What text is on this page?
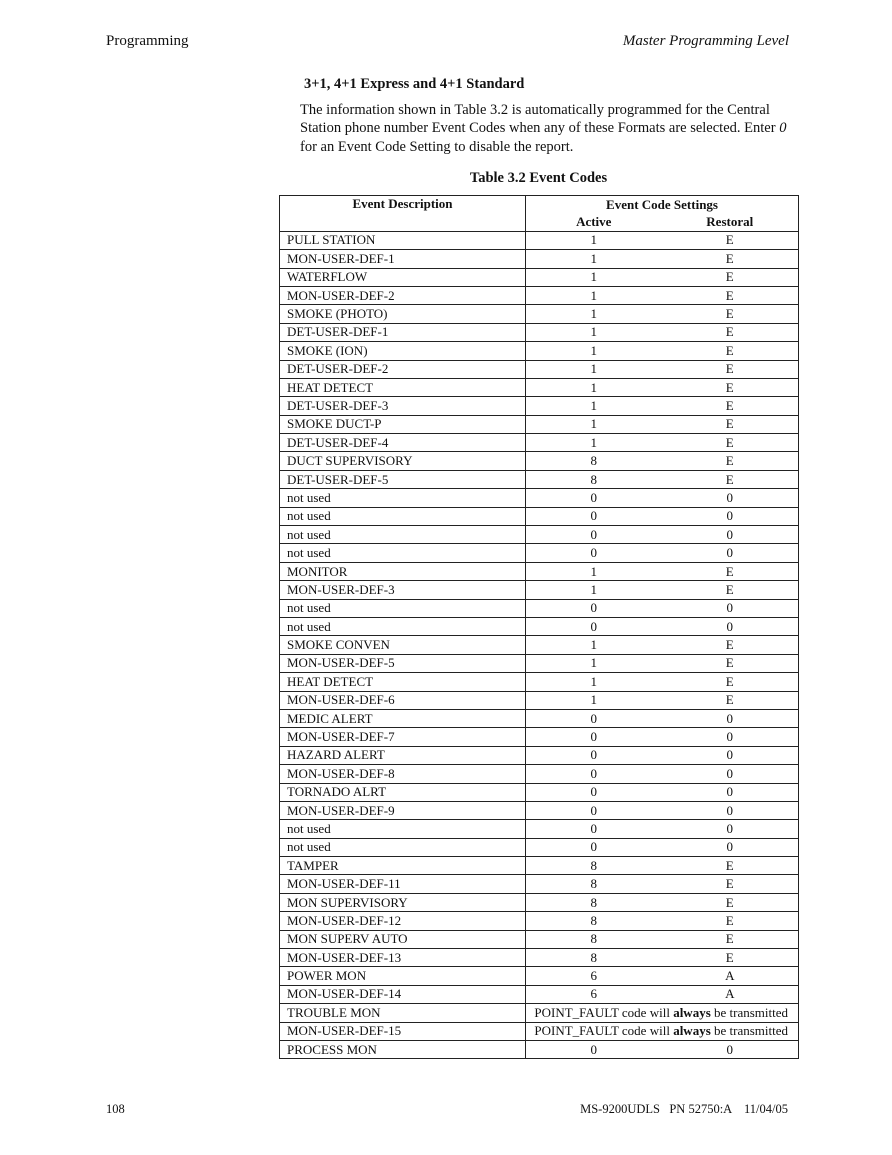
Programming	Master Programming Level
3+1, 4+1 Express and 4+1 Standard
The information shown in Table 3.2 is automatically programmed for the Central Station phone number Event Codes when any of these Formats are selected. Enter 0 for an Event Code Setting to disable the report.
Table 3.2 Event Codes
Event Description	Event Code Settings	
	Active	Restoral
PULL STATION	1	E
MON-USER-DEF-1	1	E
WATERFLOW	1	E
MON-USER-DEF-2	1	E
SMOKE (PHOTO)	1	E
DET-USER-DEF-1	1	E
SMOKE (ION)	1	E
DET-USER-DEF-2	1	E
HEAT DETECT	1	E
DET-USER-DEF-3	1	E
SMOKE DUCT-P	1	E
DET-USER-DEF-4	1	E
DUCT SUPERVISORY	8	E
DET-USER-DEF-5	8	E
not used	0	0
not used	0	0
not used	0	0
not used	0	0
MONITOR	1	E
MON-USER-DEF-3	1	E
not used	0	0
not used	0	0
SMOKE CONVEN	1	E
MON-USER-DEF-5	1	E
HEAT DETECT	1	E
MON-USER-DEF-6	1	E
MEDIC ALERT	0	0
MON-USER-DEF-7	0	0
HAZARD ALERT	0	0
MON-USER-DEF-8	0	0
TORNADO ALRT	0	0
MON-USER-DEF-9	0	0
not used	0	0
not used	0	0
TAMPER	8	E
MON-USER-DEF-11	8	E
MON SUPERVISORY	8	E
MON-USER-DEF-12	8	E
MON SUPERV AUTO	8	E
MON-USER-DEF-13	8	E
POWER MON	6	A
MON-USER-DEF-14	6	A
TROUBLE MON	POINT_FAULT code will always be transmitted	
MON-USER-DEF-15	POINT_FAULT code will always be transmitted	
PROCESS MON	0	0
108	MS-9200UDLS   PN 52750:A    11/04/05
